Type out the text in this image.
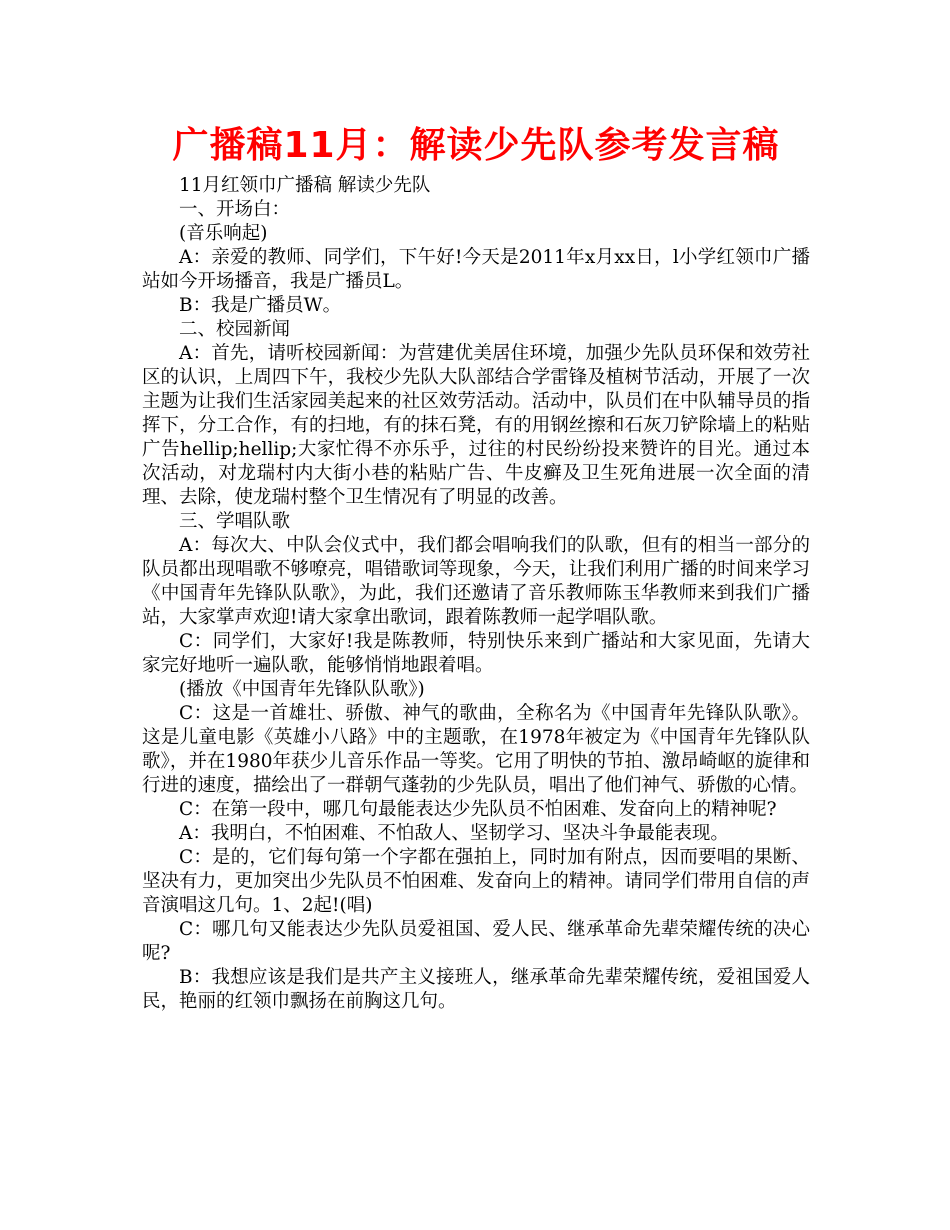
广播稿11月：解读少先队参考发言稿

11月红领巾广播稿 解读少先队

一、开场白：

(音乐响起)

A：亲爱的教师、同学们，下午好!今天是2011年x月xx日，l小学红领巾广播站如今开场播音，我是广播员L。

B：我是广播员W。

二、校园新闻

A：首先，请听校园新闻：为营建优美居住环境，加强少先队员环保和效劳社区的认识，上周四下午，我校少先队大队部结合学雷锋及植树节活动，开展了一次主题为让我们生活家园美起来的社区效劳活动。活动中，队员们在中队辅导员的指挥下，分工合作，有的扫地，有的抹石凳，有的用钢丝擦和石灰刀铲除墙上的粘贴广告hellip;hellip;大家忙得不亦乐乎，过往的村民纷纷投来赞许的目光。通过本次活动，对龙瑞村内大街小巷的粘贴广告、牛皮癣及卫生死角进展一次全面的清理、去除，使龙瑞村整个卫生情况有了明显的改善。

三、学唱队歌

A：每次大、中队会仪式中，我们都会唱响我们的队歌，但有的相当一部分的队员都出现唱歌不够嘹亮，唱错歌词等现象，今天，让我们利用广播的时间来学习《中国青年先锋队队歌》，为此，我们还邀请了音乐教师陈玉华教师来到我们广播站，大家掌声欢迎!请大家拿出歌词，跟着陈教师一起学唱队歌。

C：同学们，大家好!我是陈教师，特别快乐来到广播站和大家见面，先请大家完好地听一遍队歌，能够悄悄地跟着唱。

(播放《中国青年先锋队队歌》)

C：这是一首雄壮、骄傲、神气的歌曲，全称名为《中国青年先锋队队歌》。这是儿童电影《英雄小八路》中的主题歌，在1978年被定为《中国青年先锋队队歌》，并在1980年获少儿音乐作品一等奖。它用了明快的节拍、激昂崎岖的旋律和行进的速度，描绘出了一群朝气蓬勃的少先队员，唱出了他们神气、骄傲的心情。

C：在第一段中，哪几句最能表达少先队员不怕困难、发奋向上的精神呢?

A：我明白，不怕困难、不怕敌人、坚韧学习、坚决斗争最能表现。

C：是的，它们每句第一个字都在强拍上，同时加有附点，因而要唱的果断、坚决有力，更加突出少先队员不怕困难、发奋向上的精神。请同学们带用自信的声音演唱这几句。1、2起!(唱)

C：哪几句又能表达少先队员爱祖国、爱人民、继承革命先辈荣耀传统的决心呢?

B：我想应该是我们是共产主义接班人，继承革命先辈荣耀传统，爱祖国爱人民，艳丽的红领巾飘扬在前胸这几句。
